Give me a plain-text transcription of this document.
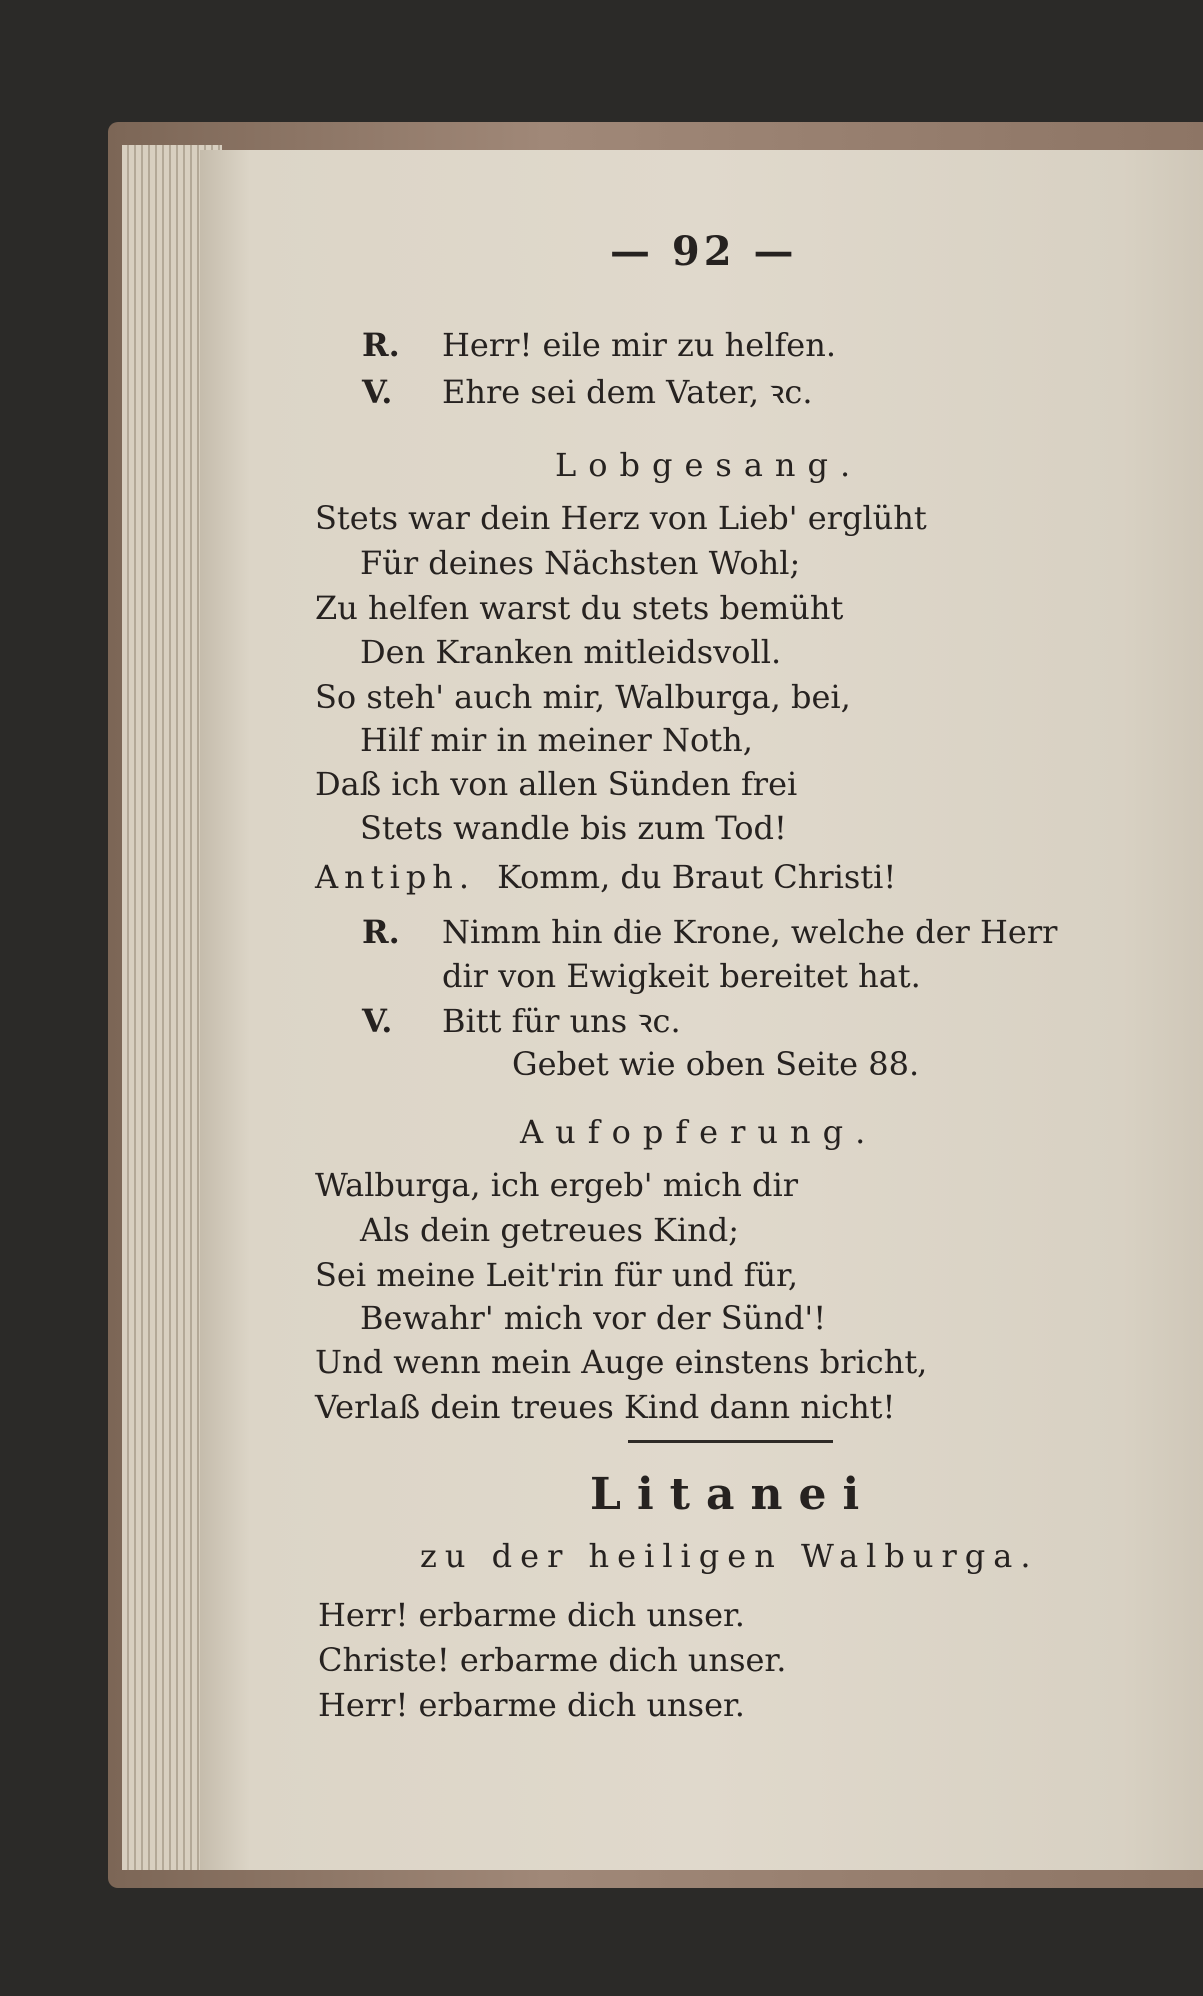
— 92 —
R. Herr! eile mir zu helfen.
V. Ehre sei dem Vater, ꝛc.
Lobgesang.
Stets war dein Herz von Lieb' erglüht
Für deines Nächsten Wohl;
Zu helfen warst du stets bemüht
Den Kranken mitleidsvoll.
So steh' auch mir, Walburga, bei,
Hilf mir in meiner Noth,
Daß ich von allen Sünden frei
Stets wandle bis zum Tod!
Antiph. Komm, du Braut Christi!
R. Nimm hin die Krone, welche der Herr
dir von Ewigkeit bereitet hat.
V. Bitt für uns ꝛc.
Gebet wie oben Seite 88.
Aufopferung.
Walburga, ich ergeb' mich dir
Als dein getreues Kind;
Sei meine Leit'rin für und für,
Bewahr' mich vor der Sünd'!
Und wenn mein Auge einstens bricht,
Verlaß dein treues Kind dann nicht!
Litanei
zu der heiligen Walburga.
Herr! erbarme dich unser.
Christe! erbarme dich unser.
Herr! erbarme dich unser.
